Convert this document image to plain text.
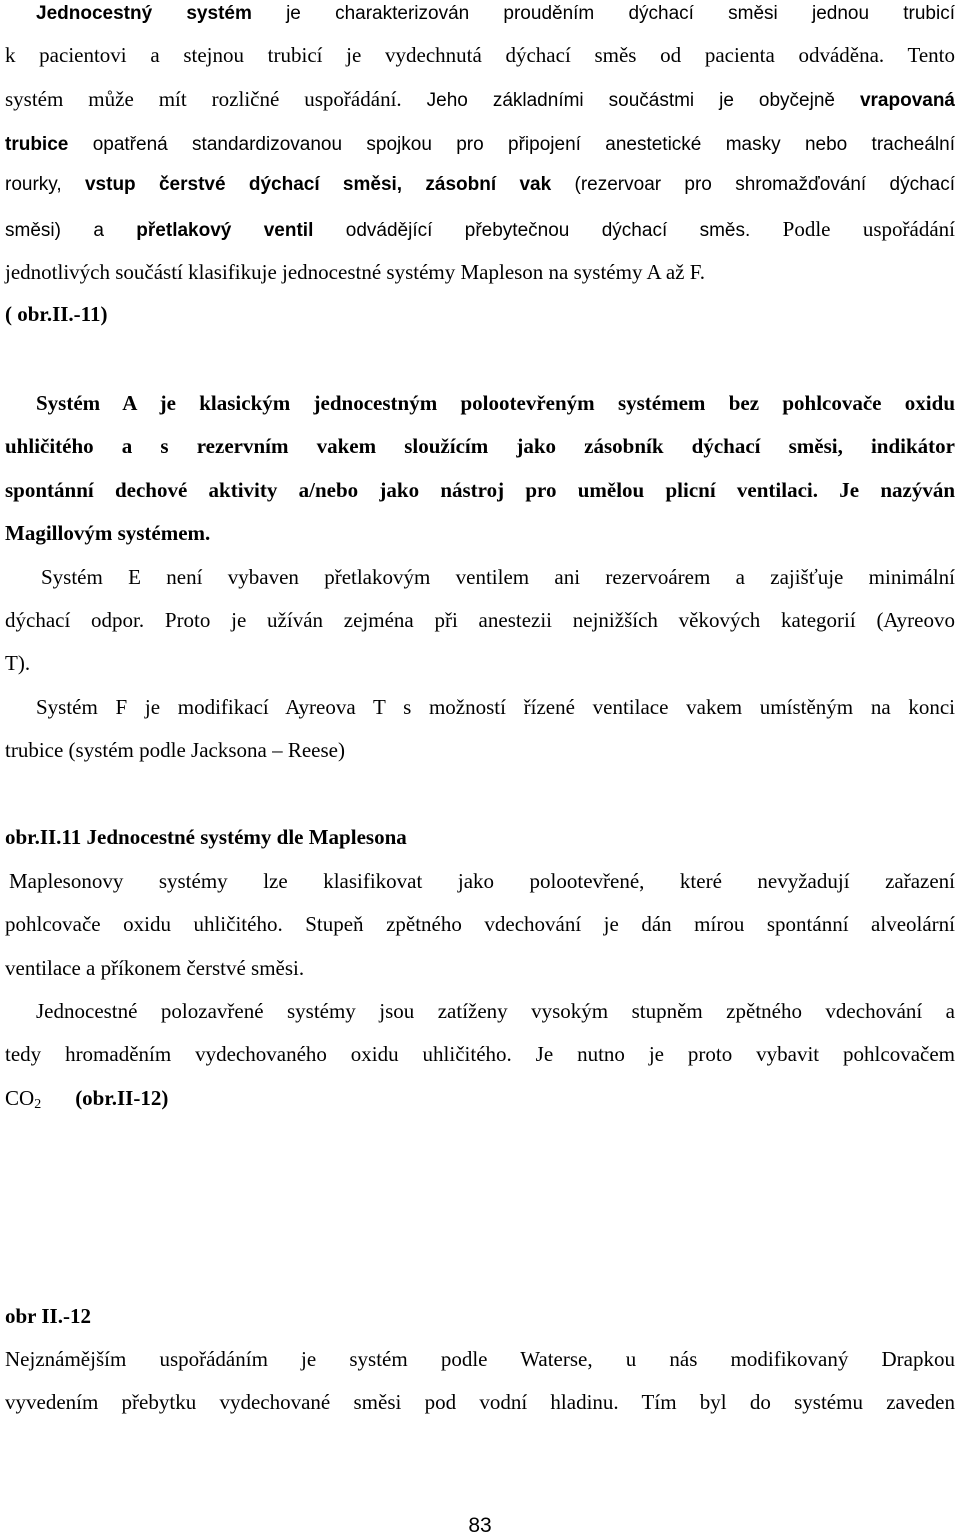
Jednocestný systém je charakterizován prouděním dýchací směsi jednou trubicí
k pacientovi a stejnou trubicí je vydechnutá dýchací směs od pacienta odváděna. Tento
systém může mít rozličné uspořádání. Jeho základními součástmi je obyčejně vrapovaná
trubice opatřená standardizovanou spojkou pro připojení anestetické masky nebo tracheální
rourky, vstup čerstvé dýchací směsi, zásobní vak (rezervoar pro shromažďování dýchací
směsi) a přetlakový ventil odvádějící přebytečnou dýchací směs. Podle uspořádání
jednotlivých součástí klasifikuje jednocestné systémy Mapleson na systémy A až F.
( obr.II.-11)
Systém A je klasickým jednocestným polootevřeným systémem bez pohlcovače oxidu
uhličitého a s rezervním vakem sloužícím jako zásobník dýchací směsi, indikátor
spontánní dechové aktivity a/nebo jako nástroj pro umělou plicní ventilaci. Je nazýván
Magillovým systémem.
Systém E není vybaven přetlakovým ventilem ani rezervoárem a zajišťuje minimální
dýchací odpor. Proto je užíván zejména při anestezii nejnižších věkových kategorií (Ayreovo
T).
Systém F je modifikací Ayreova T s možností řízené ventilace vakem umístěným na konci
trubice (systém podle Jacksona – Reese)
obr.II.11 Jednocestné systémy dle Maplesona
Maplesonovy systémy lze klasifikovat jako polootevřené, které nevyžadují zařazení
pohlcovače oxidu uhličitého. Stupeň zpětného vdechování je dán mírou spontánní alveolární
ventilace a příkonem čerstvé směsi.
Jednocestné polozavřené systémy jsou zatíženy vysokým stupněm zpětného vdechování a
tedy hromaděním vydechovaného oxidu uhličitého. Je nutno je proto vybavit pohlcovačem
$CO_2$ (obr.II-12)
obr II.-12
Nejznámějším uspořádáním je systém podle Waterse, u nás modifikovaný Drapkou
vyvedením přebytku vydechované směsi pod vodní hladinu. Tím byl do systému zaveden
83
